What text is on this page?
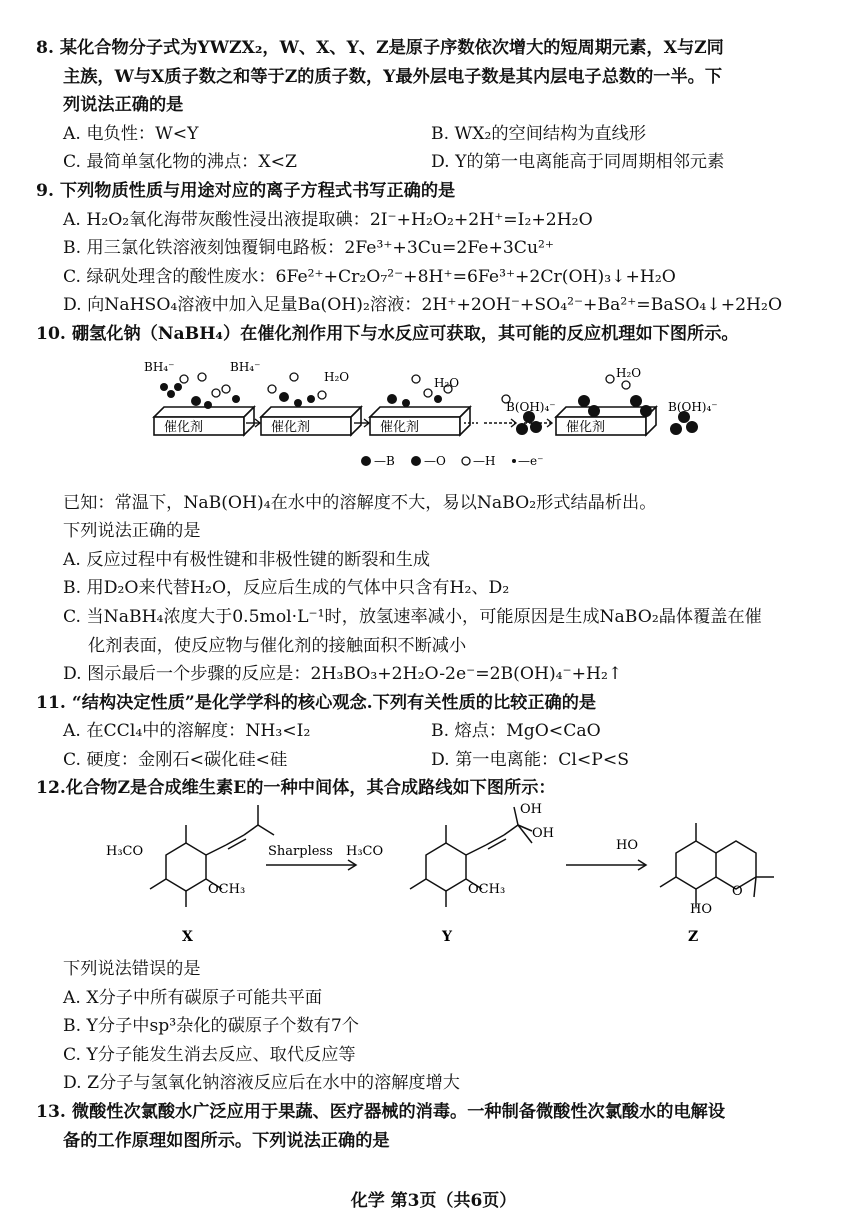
8. 某化合物分子式为YWZX₂，W、X、Y、Z是原子序数依次增大的短周期元素，X与Z同
主族，W与X质子数之和等于Z的质子数，Y最外层电子数是其内层电子总数的一半。下
列说法正确的是
A. 电负性：W<Y	B. WX₂的空间结构为直线形
C. 最简单氢化物的沸点：X<Z	D. Y的第一电离能高于同周期相邻元素
9. 下列物质性质与用途对应的离子方程式书写正确的是
A. H₂O₂氧化海带灰酸性浸出液提取碘：2I⁻+H₂O₂+2H⁺=I₂+2H₂O
B. 用三氯化铁溶液刻蚀覆铜电路板：2Fe³⁺+3Cu=2Fe+3Cu²⁺
C. 绿矾处理含的酸性废水：6Fe²⁺+Cr₂O₇²⁻+8H⁺=6Fe³⁺+2Cr(OH)₃↓+H₂O
D. 向NaHSO₄溶液中加入足量Ba(OH)₂溶液：2H⁺+2OH⁻+SO₄²⁻+Ba²⁺=BaSO₄↓+2H₂O
10. 硼氢化钠（NaBH₄）在催化剂作用下与水反应可获取，其可能的反应机理如下图所示。
催化剂	催化剂	催化剂	催化剂
BH₄⁻	BH₄⁻
H₂O	H₂O
H₂O
B(OH)₄⁻	B(OH)₄⁻
—B —O —H —e⁻
已知：常温下，NaB(OH)₄在水中的溶解度不大，易以NaBO₂形式结晶析出。
下列说法正确的是
A. 反应过程中有极性键和非极性键的断裂和生成
B. 用D₂O来代替H₂O，反应后生成的气体中只含有H₂、D₂
C. 当NaBH₄浓度大于0.5mol·L⁻¹时，放氢速率减小，可能原因是生成NaBO₂晶体覆盖在催
化剂表面，使反应物与催化剂的接触面积不断减小
D. 图示最后一个步骤的反应是：2H₃BO₃+2H₂O-2e⁻=2B(OH)₄⁻+H₂↑
11. “结构决定性质”是化学学科的核心观念.下列有关性质的比较正确的是
A. 在CCl₄中的溶解度：NH₃<I₂	B. 熔点：MgO<CaO
C. 硬度：金刚石<碳化硅<硅	D. 第一电离能：Cl<P<S
12.化合物Z是合成维生素E的一种中间体，其合成路线如下图所示：
H₃CO
OCH₃
X
Sharpless H₃CO
OCH₃
OH
OH
Y
HO
O
HO
Z
下列说法错误的是
A. X分子中所有碳原子可能共平面
B. Y分子中sp³杂化的碳原子个数有7个
C. Y分子能发生消去反应、取代反应等
D. Z分子与氢氧化钠溶液反应后在水中的溶解度增大
13. 微酸性次氯酸水广泛应用于果蔬、医疗器械的消毒。一种制备微酸性次氯酸水的电解设
备的工作原理如图所示。下列说法正确的是
化学 第3页（共6页）
